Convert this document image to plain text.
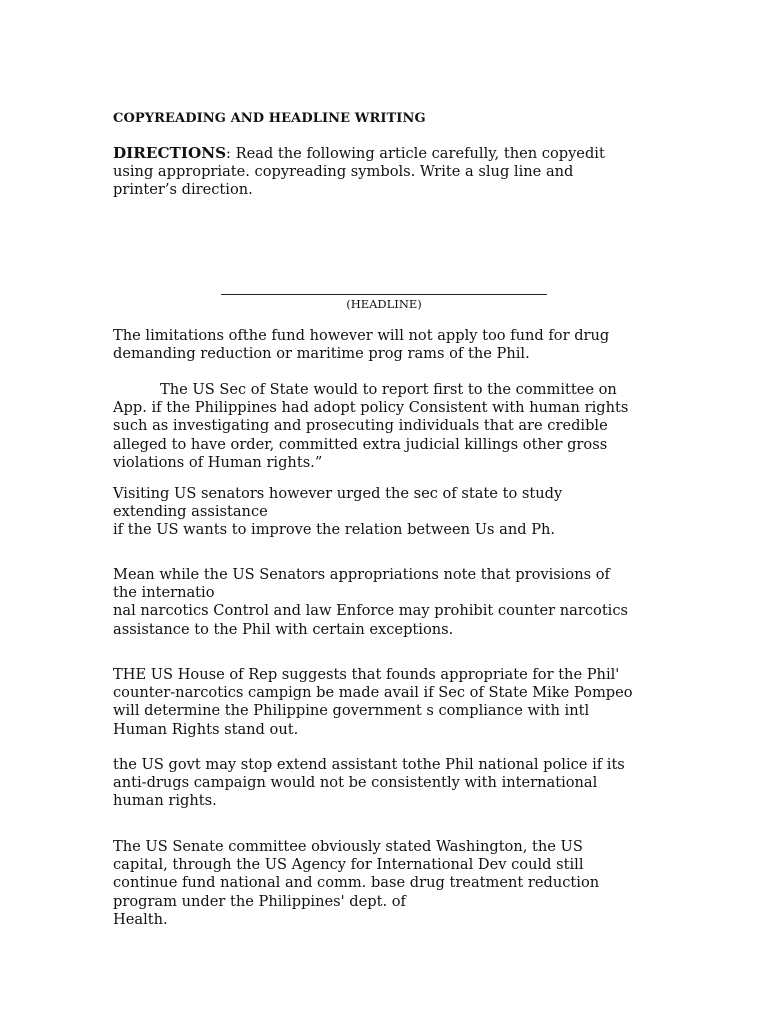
COPYREADING AND HEADLINE WRITING
DIRECTIONS: Read the following article carefully, then copyedit
using appropriate. copyreading symbols. Write a slug line and
printer’s direction.
(HEADLINE)
The limitations ofthe fund however will not apply too fund for drug
demanding reduction or maritime prog rams of the Phil.
The US Sec of State would to report first to the committee on
App. if the Philippines had adopt policy Consistent with human rights
such as investigating and prosecuting individuals that are credible
alleged to have order, committed extra judicial killings other gross
violations of Human rights.”
Visiting US senators however urged the sec of state to study
extending assistance
if the US wants to improve the relation between Us and Ph.
Mean while the US Senators appropriations note that provisions of
the internatio
nal narcotics Control and law Enforce may prohibit counter narcotics
assistance to the Phil with certain exceptions.
THE US House of Rep suggests that founds appropriate for the Phil'
counter-narcotics campign be made avail if Sec of State Mike Pompeo
will determine the Philippine government s compliance with intl
Human Rights stand out.
the US govt may stop extend assistant tothe Phil national police if its
anti-drugs campaign would not be consistently with international
human rights.
The US Senate committee obviously stated Washington, the US
capital, through the US Agency for International Dev could still
continue fund national and comm. base drug treatment reduction
program under the Philippines' dept. of
Health.
